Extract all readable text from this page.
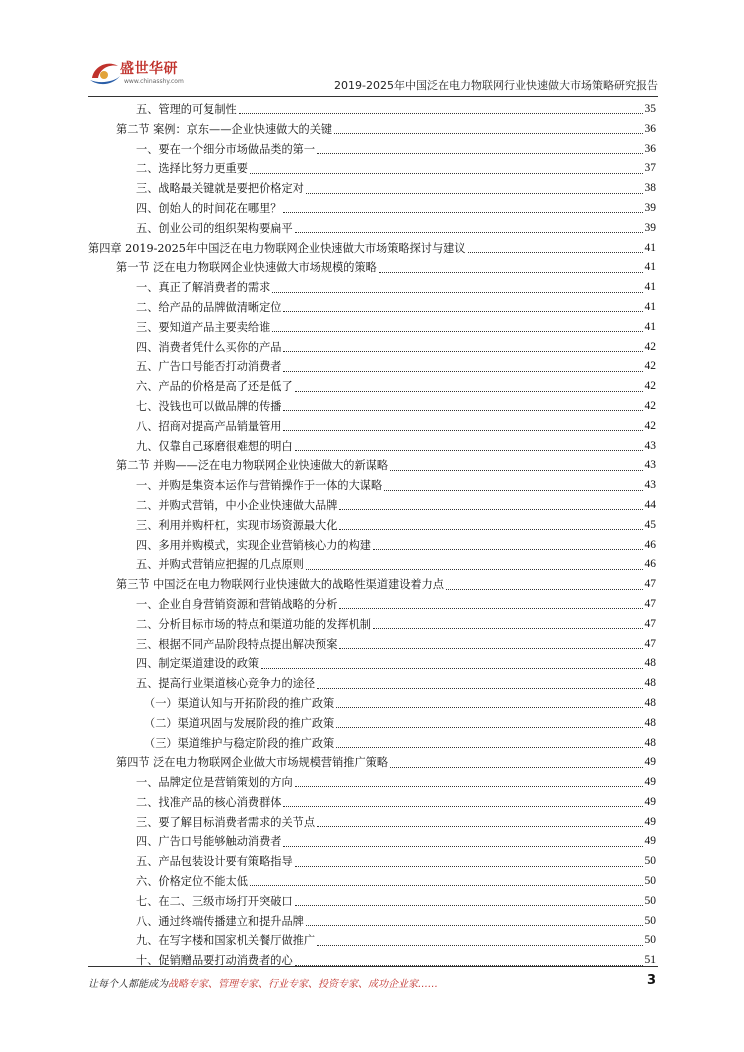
盛世华研
www.chinasshy.com	2019-2025年中国泛在电力物联网行业快速做大市场策略研究报告
五、管理的可复制性	35
第二节 案例：京东——企业快速做大的关键	36
一、要在一个细分市场做品类的第一	36
二、选择比努力更重要	37
三、战略最关键就是要把价格定对	38
四、创始人的时间花在哪里？	39
五、创业公司的组织架构要扁平	39
第四章 2019-2025年中国泛在电力物联网企业快速做大市场策略探讨与建议	41
第一节 泛在电力物联网企业快速做大市场规模的策略	41
一、真正了解消费者的需求	41
二、给产品的品牌做清晰定位	41
三、要知道产品主要卖给谁	41
四、消费者凭什么买你的产品	42
五、广告口号能否打动消费者	42
六、产品的价格是高了还是低了	42
七、没钱也可以做品牌的传播	42
八、招商对提高产品销量管用	42
九、仅靠自己琢磨很难想的明白	43
第二节 并购——泛在电力物联网企业快速做大的新谋略	43
一、并购是集资本运作与营销操作于一体的大谋略	43
二、并购式营销，中小企业快速做大品牌	44
三、利用并购杆杠，实现市场资源最大化	45
四、多用并购模式，实现企业营销核心力的构建	46
五、并购式营销应把握的几点原则	46
第三节 中国泛在电力物联网行业快速做大的战略性渠道建设着力点	47
一、企业自身营销资源和营销战略的分析	47
二、分析目标市场的特点和渠道功能的发挥机制	47
三、根据不同产品阶段特点提出解决预案	47
四、制定渠道建设的政策	48
五、提高行业渠道核心竞争力的途径	48
（一）渠道认知与开拓阶段的推广政策	48
（二）渠道巩固与发展阶段的推广政策	48
（三）渠道维护与稳定阶段的推广政策	48
第四节 泛在电力物联网企业做大市场规模营销推广策略	49
一、品牌定位是营销策划的方向	49
二、找准产品的核心消费群体	49
三、要了解目标消费者需求的关节点	49
四、广告口号能够触动消费者	49
五、产品包装设计要有策略指导	50
六、价格定位不能太低	50
七、在二、三级市场打开突破口	50
八、通过终端传播建立和提升品牌	50
九、在写字楼和国家机关餐厅做推广	50
十、促销赠品要打动消费者的心	51
让每个人都能成为战略专家、管理专家、行业专家、投资专家、成功企业家……	3
